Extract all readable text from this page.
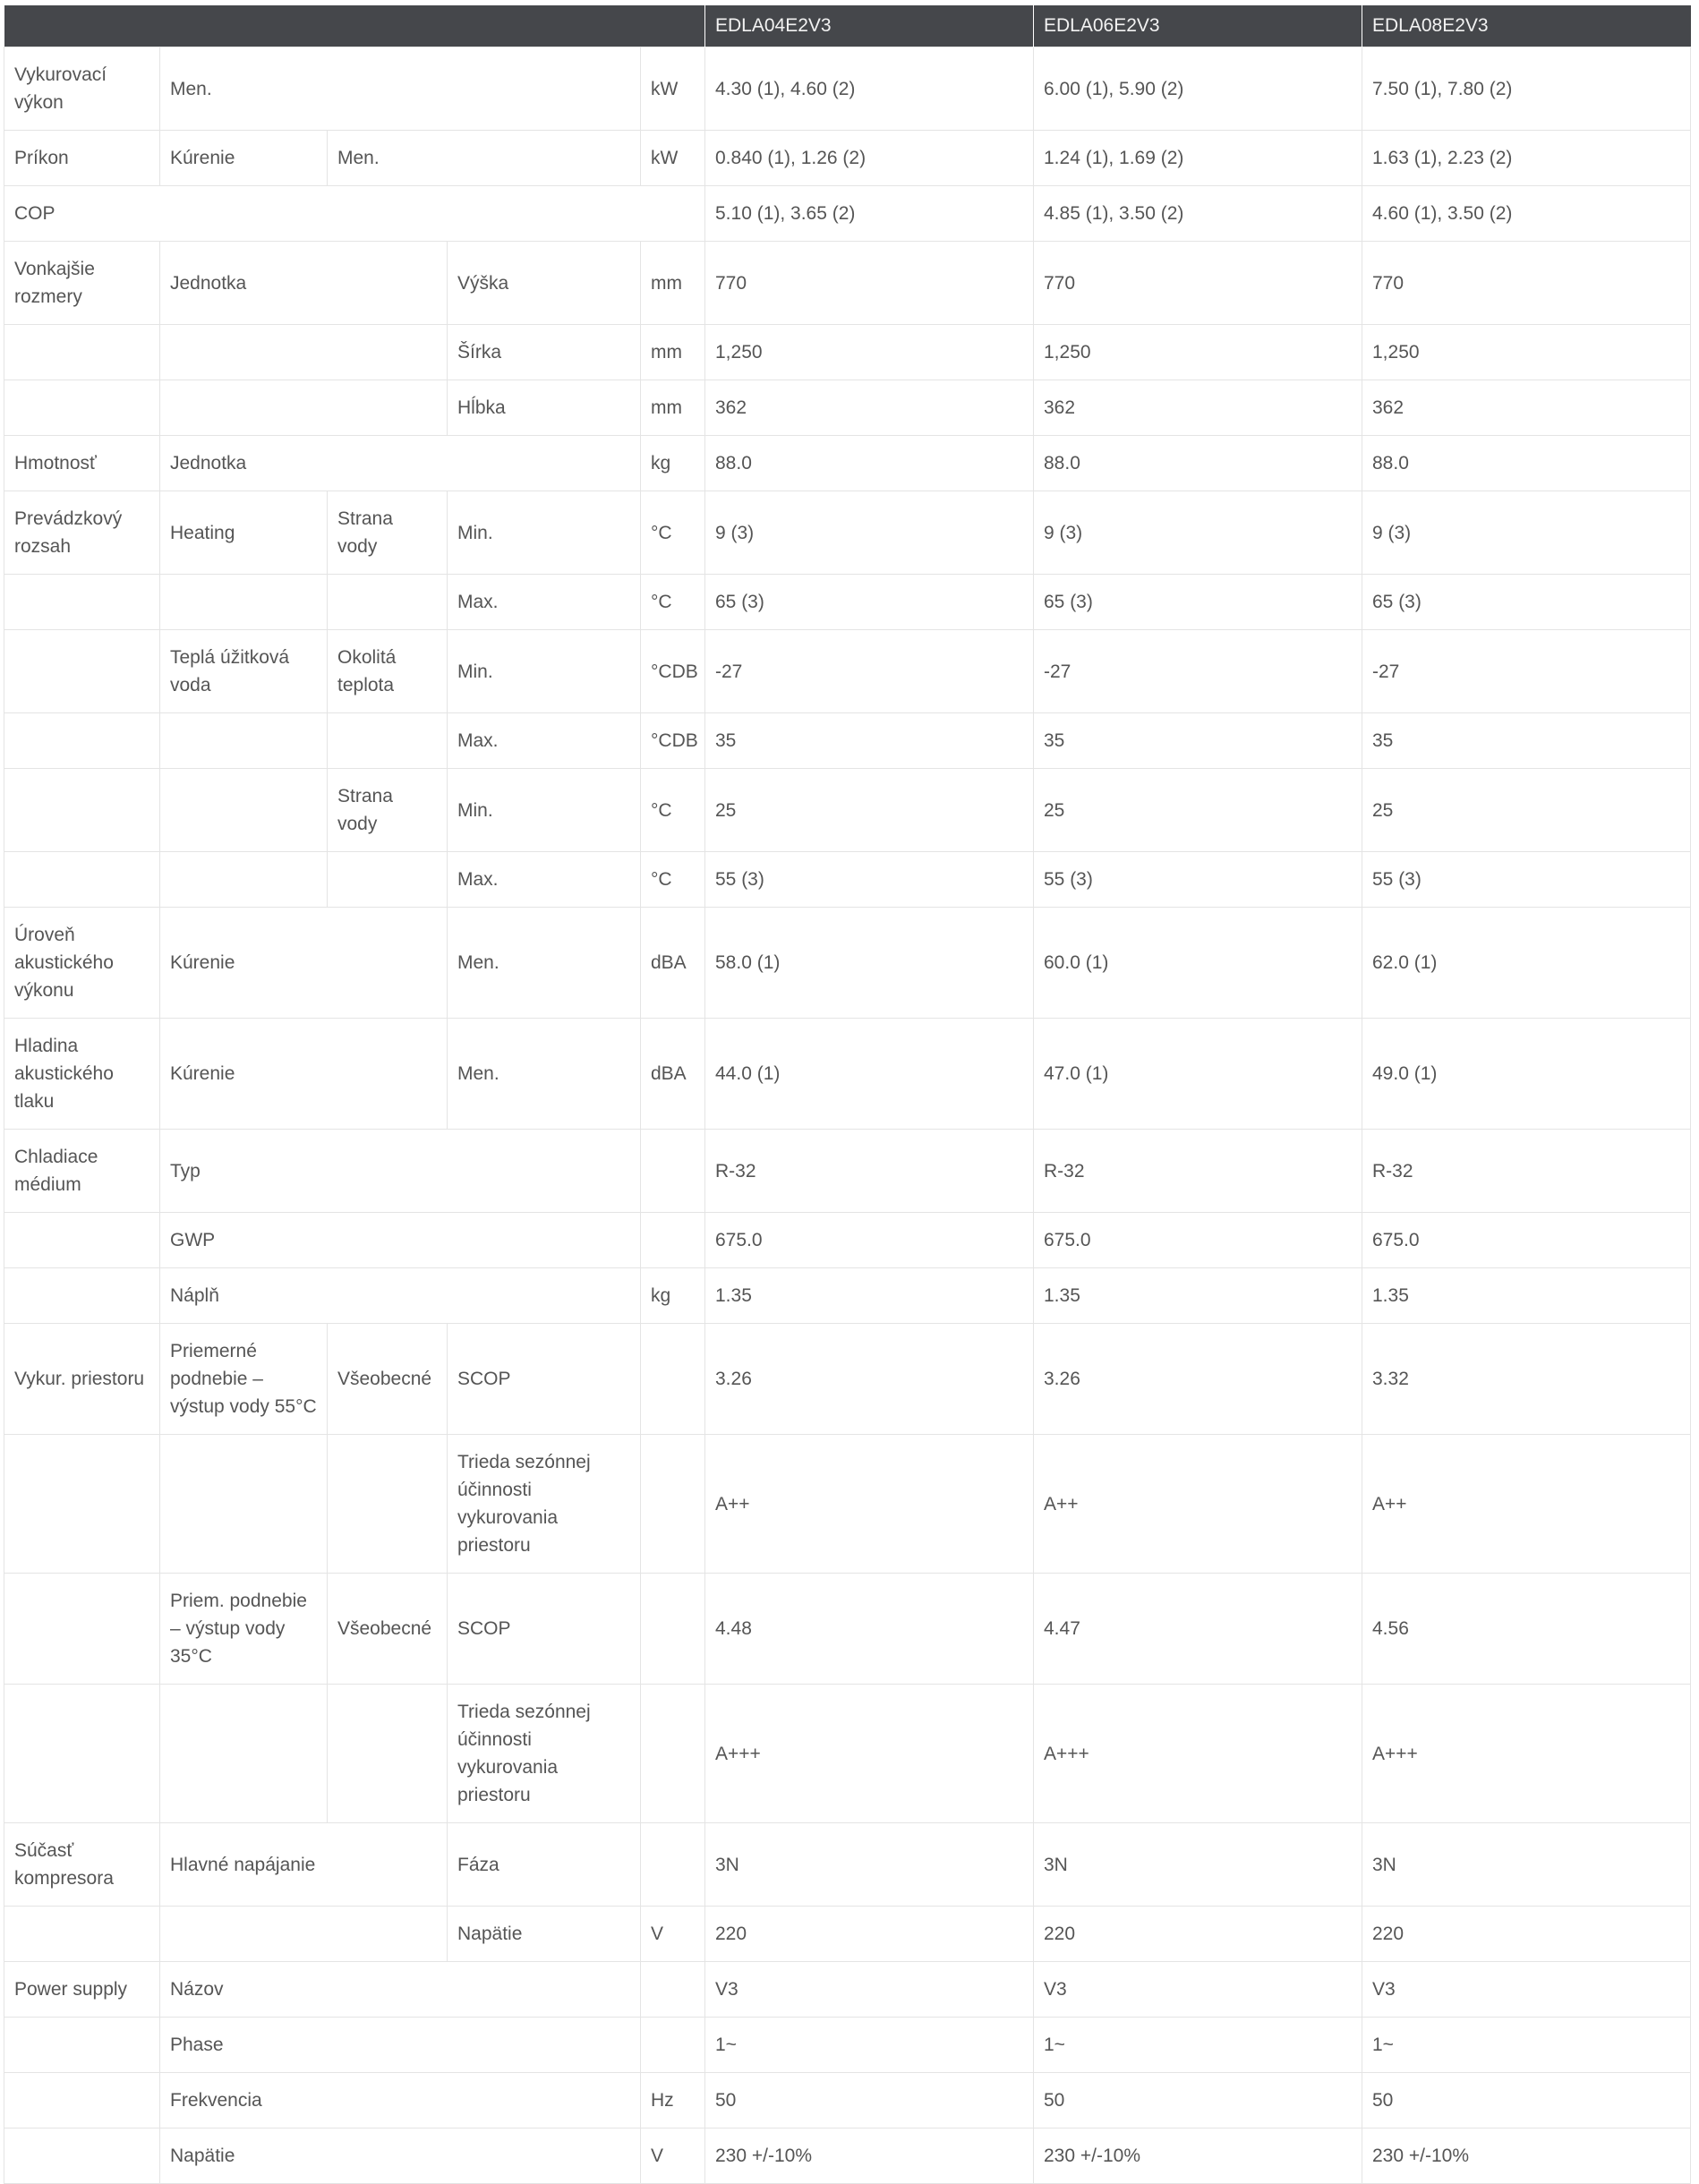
					EDLA04E2V3	EDLA06E2V3	EDLA08E2V3
Vykurovací výkon	Men.			kW	4.30 (1), 4.60 (2)	6.00 (1), 5.90 (2)	7.50 (1), 7.80 (2)
Príkon	Kúrenie	Men.		kW	0.840 (1), 1.26 (2)	1.24 (1), 1.69 (2)	1.63 (1), 2.23 (2)
COP					5.10 (1), 3.65 (2)	4.85 (1), 3.50 (2)	4.60 (1), 3.50 (2)
Vonkajšie rozmery	Jednotka		Výška	mm	770	770	770
			Šírka	mm	1,250	1,250	1,250
			Hĺbka	mm	362	362	362
Hmotnosť	Jednotka			kg	88.0	88.0	88.0
Prevádzkový rozsah	Heating	Strana vody	Min.	°C	9 (3)	9 (3)	9 (3)
			Max.	°C	65 (3)	65 (3)	65 (3)
	Teplá úžitková voda	Okolitá teplota	Min.	°CDB	-27	-27	-27
			Max.	°CDB	35	35	35
		Strana vody	Min.	°C	25	25	25
			Max.	°C	55 (3)	55 (3)	55 (3)
Úroveň akustického výkonu	Kúrenie		Men.	dBA	58.0 (1)	60.0 (1)	62.0 (1)
Hladina akustického tlaku	Kúrenie		Men.	dBA	44.0 (1)	47.0 (1)	49.0 (1)
Chladiace médium	Typ				R-32	R-32	R-32
	GWP				675.0	675.0	675.0
	Náplň			kg	1.35	1.35	1.35
Vykur. priestoru	Priemerné podnebie – výstup vody 55°C	Všeobecné	SCOP		3.26	3.26	3.32
			Trieda sezónnej účinnosti vykurovania priestoru		A++	A++	A++
	Priem. podnebie – výstup vody 35°C	Všeobecné	SCOP		4.48	4.47	4.56
			Trieda sezónnej účinnosti vykurovania priestoru		A+++	A+++	A+++
Súčasť kompresora	Hlavné napájanie		Fáza		3N	3N	3N
			Napätie	V	220	220	220
Power supply	Názov				V3	V3	V3
	Phase				1~	1~	1~
	Frekvencia			Hz	50	50	50
	Napätie			V	230 +/-10%	230 +/-10%	230 +/-10%
